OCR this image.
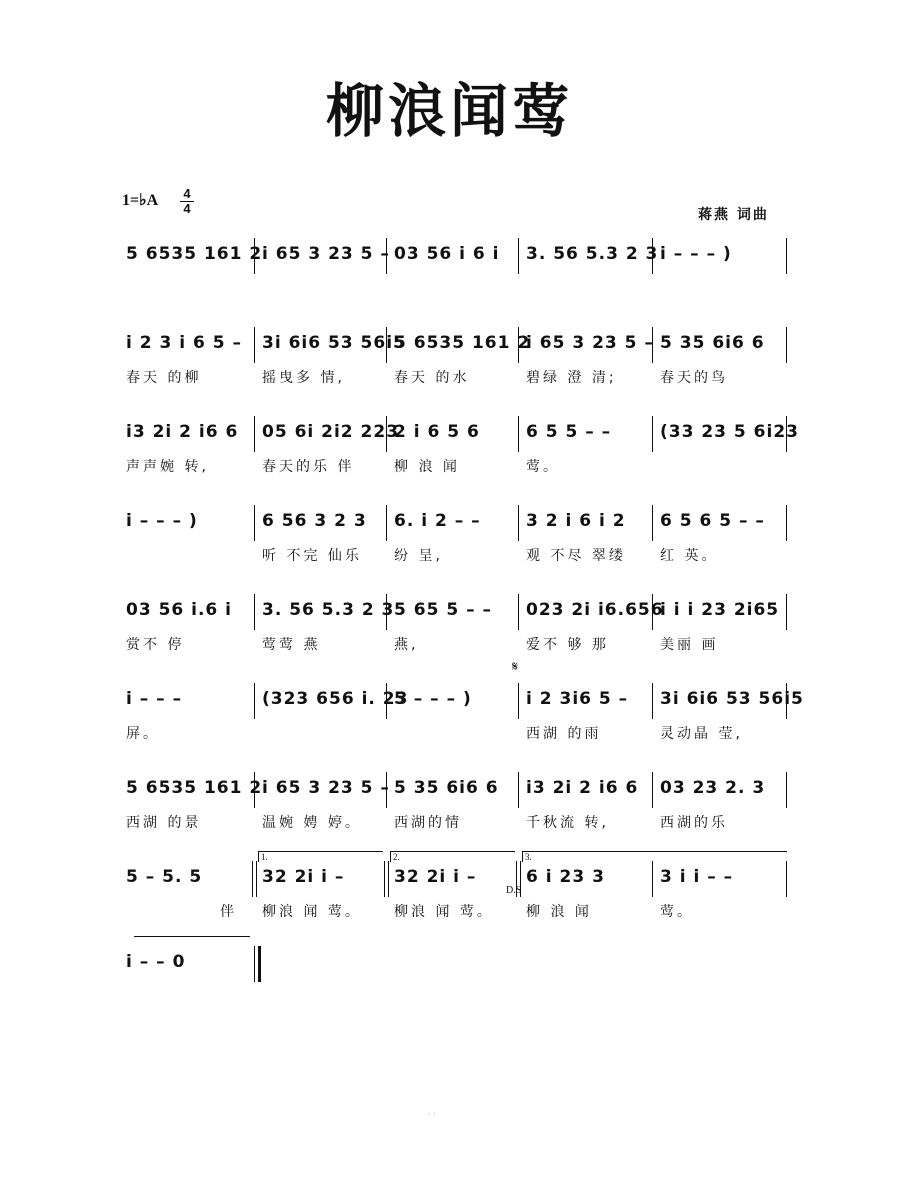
柳浪闻莺
1=♭A 4
4	蒋燕 词曲
5 6535 161 2 i 65 3 23 5 – 03 56 i 6 i 3. 56 5.3 2 3 i – – – )
i 2 3 i 6 5 –
春天 的柳
3i 6i6 53 56i5
摇曳多 情,
5 6535 161 2
春天 的水
i 65 3 23 5 –
碧绿 澄 清;
5 35 6i6 6
春天的鸟
i3 2i 2 i6 6
声声婉 转,
05 6i 2i2 223
春天的乐 伴
2 i 6 5 6
柳 浪 闻
6 5 5 – –
莺。
(33 23 5 6i23
i – – – )	6 56 3 2 3
听 不完 仙乐
6. i 2 – –
纷 呈,
3 2 i 6 i 2
观 不尽 翠缕
6 5 6 5 – –
红 英。
03 56 i.6 i
赏不 停
3. 56 5.3 2 3
莺莺 燕
5 65 5 – –
燕,
023 2i i6.656
爱不 够 那
i i i 23 2i65
美丽 画
i – – –
屏。
(323 656 i. 23
5 – – – )
𝄋
i 2 3i6 5 –
西湖 的雨
3i 6i6 53 56i5
灵动晶 莹,
5 6535 161 2
西湖 的景
i 65 3 23 5 –
温婉 娉 婷。
5 35 6i6 6
西湖的情
i3 2i 2 i6 6
千秋流 转,
03 23 2. 3
西湖的乐
5 – 5. 5
伴
1.
32 2i i –
柳浪 闻 莺。
2.
32 2i i –
柳浪 闻 莺。
D.S
3.
6 i 23 3
柳 浪 闻
3 i i – –
莺。
i – – 0
· ·
